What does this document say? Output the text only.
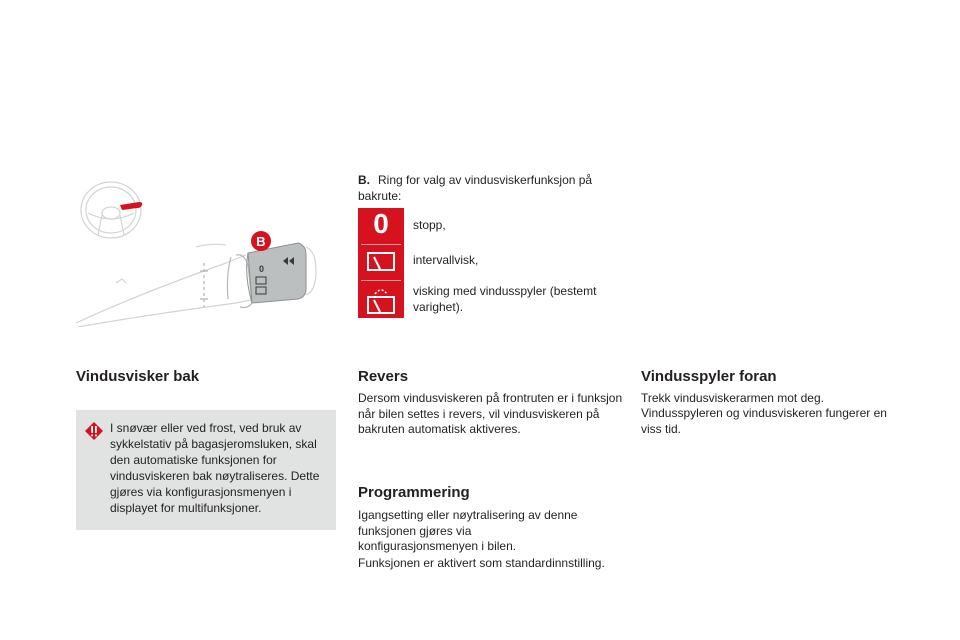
0
B
B. Ring for valg av vindusviskerfunksjon på bakrute:
0	stopp,
intervallvisk,
visking med vindusspyler (bestemt varighet).
Vindusvisker bak
I snøvær eller ved frost, ved bruk av sykkelstativ på bagasjeromsluken, skal den automatiske funksjonen for vindusviskeren bak nøytraliseres. Dette gjøres via konfigurasjonsmenyen i displayet for multifunksjoner.
Revers
Dersom vindusviskeren på frontruten er i funksjon når bilen settes i revers, vil vindusviskeren på bakruten automatisk aktiveres.
Programmering
Igangsetting eller nøytralisering av denne funksjonen gjøres via konfigurasjonsmenyen i bilen.
Funksjonen er aktivert som standardinnstilling.
Vindusspyler foran
Trekk vindusviskerarmen mot deg.
Vindusspyleren og vindusviskeren fungerer en viss tid.
